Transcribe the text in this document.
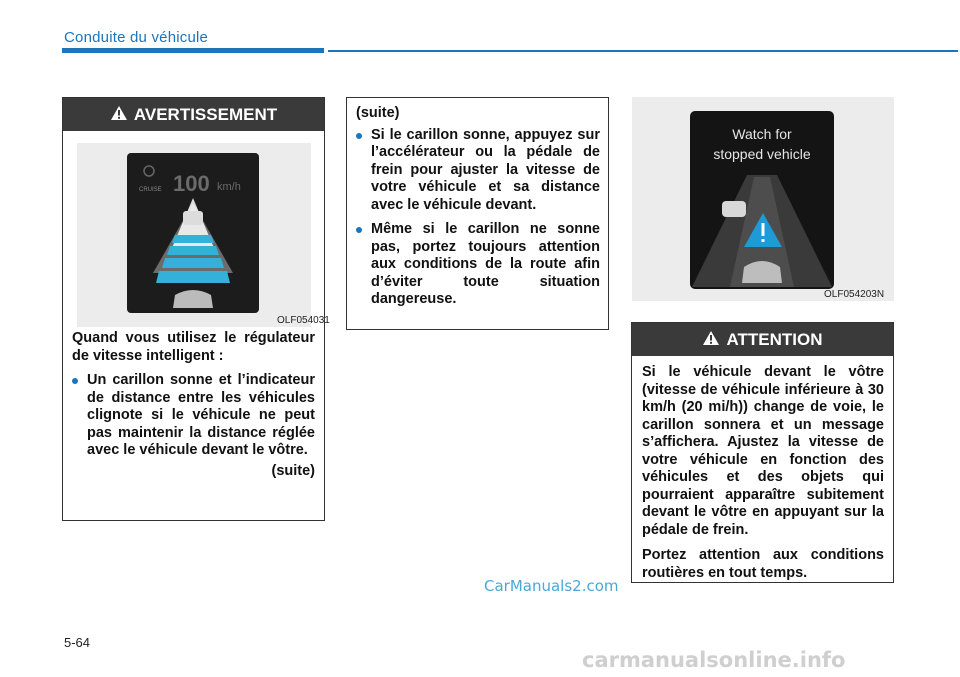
Conduite du véhicule
AVERTISSEMENT
CRUISE 100 km/h
OLF054031
Quand vous utilisez le régulateur de vitesse intelligent :
Un carillon sonne et l’indicateur de distance entre les véhicules clignote si le véhicule ne peut pas maintenir la distance réglée avec le véhicule devant le vôtre.
(suite)
(suite)
Si le carillon sonne, appuyez sur l’accélérateur ou la pédale de frein pour ajuster la vitesse de votre véhicule et sa distance avec le véhicule devant.
Même si le carillon ne sonne pas, portez toujours attention aux conditions de la route afin d’éviter toute situation dangereuse.
Watch for
stopped vehicle
OLF054203N
ATTENTION

Si le véhicule devant le vôtre (vitesse de véhicule inférieure à 30 km/h (20 mi/h)) change de voie, le carillon sonnera et un message s’affichera. Ajustez la vitesse de votre véhicule en fonction des véhicules et des objets qui pourraient apparaître subitement devant le vôtre en appuyant sur la pédale de frein.

Portez attention aux conditions routières en tout temps.

CarManuals2.com
5-64
carmanualsonline.info
